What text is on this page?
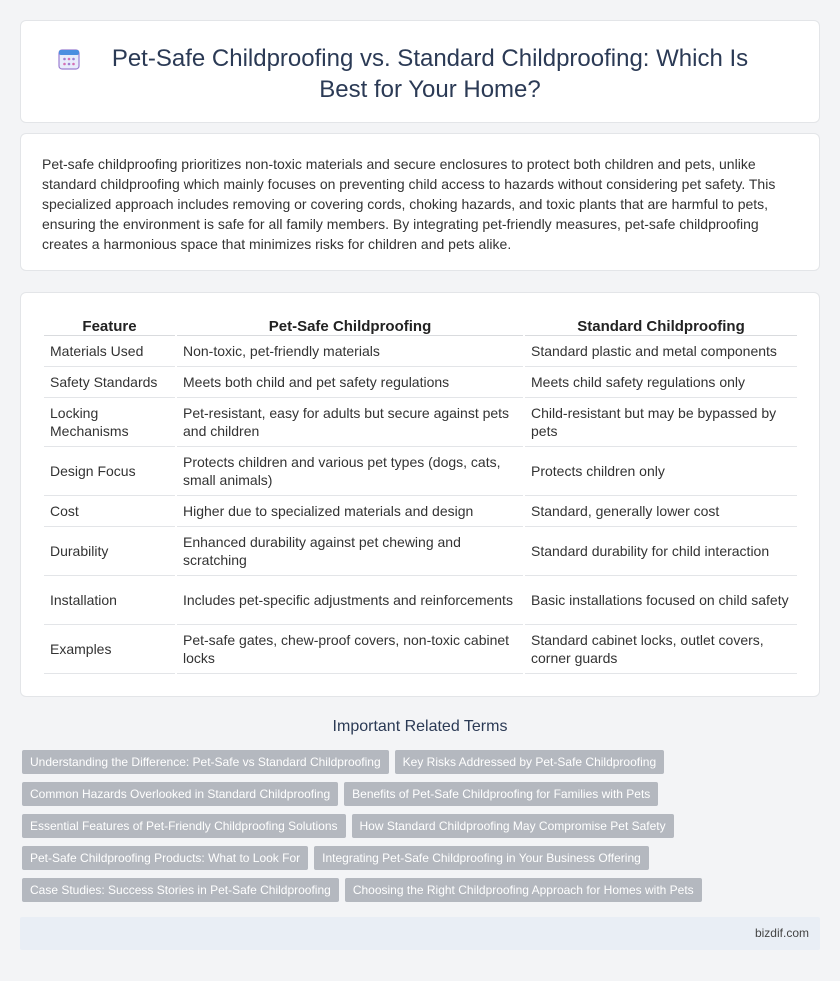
Pet-Safe Childproofing vs. Standard Childproofing: Which Is Best for Your Home?

Pet-safe childproofing prioritizes non-toxic materials and secure enclosures to protect both children and pets, unlike standard childproofing which mainly focuses on preventing child access to hazards without considering pet safety. This specialized approach includes removing or covering cords, choking hazards, and toxic plants that are harmful to pets, ensuring the environment is safe for all family members. By integrating pet-friendly measures, pet-safe childproofing creates a harmonious space that minimizes risks for children and pets alike.

Feature	Pet-Safe Childproofing	Standard Childproofing
Materials Used	Non-toxic, pet-friendly materials	Standard plastic and metal components
Safety Standards	Meets both child and pet safety regulations	Meets child safety regulations only
Locking Mechanisms	Pet-resistant, easy for adults but secure against pets and children	Child-resistant but may be bypassed by pets
Design Focus	Protects children and various pet types (dogs, cats, small animals)	Protects children only
Cost	Higher due to specialized materials and design	Standard, generally lower cost
Durability	Enhanced durability against pet chewing and scratching	Standard durability for child interaction
Installation	Includes pet-specific adjustments and reinforcements	Basic installations focused on child safety
Examples	Pet-safe gates, chew-proof covers, non-toxic cabinet locks	Standard cabinet locks, outlet covers, corner guards
Important Related Terms
Understanding the Difference: Pet-Safe vs Standard Childproofing Key Risks Addressed by Pet-Safe Childproofing
Common Hazards Overlooked in Standard Childproofing Benefits of Pet-Safe Childproofing for Families with Pets
Essential Features of Pet-Friendly Childproofing Solutions How Standard Childproofing May Compromise Pet Safety
Pet-Safe Childproofing Products: What to Look For Integrating Pet-Safe Childproofing in Your Business Offering
Case Studies: Success Stories in Pet-Safe Childproofing Choosing the Right Childproofing Approach for Homes with Pets
bizdif.com
